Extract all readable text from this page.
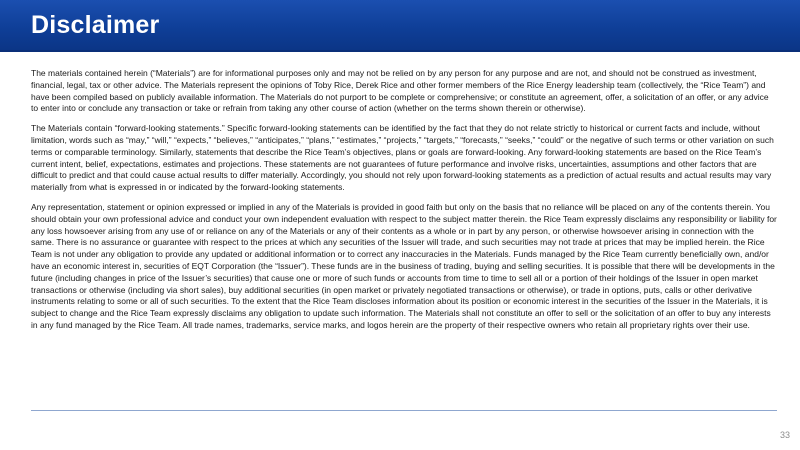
Disclaimer

The materials contained herein (“Materials”) are for informational purposes only and may not be relied on by any person for any purpose and are not, and should not be construed as investment, financial, legal, tax or other advice. The Materials represent the opinions of Toby Rice, Derek Rice and other former members of the Rice Energy leadership team (collectively, the “Rice Team”) and have been compiled based on publicly available information. The Materials do not purport to be complete or comprehensive; or constitute an agreement, offer, a solicitation of an offer, or any advice to enter into or conclude any transaction or take or refrain from taking any other course of action (whether on the terms shown therein or otherwise).

The Materials contain “forward-looking statements.” Specific forward-looking statements can be identified by the fact that they do not relate strictly to historical or current facts and include, without limitation, words such as “may,” “will,” “expects,” “believes,” “anticipates,” “plans,” “estimates,” “projects,” “targets,” “forecasts,” “seeks,” “could” or the negative of such terms or other variation on such terms or comparable terminology. Similarly, statements that describe the Rice Team’s objectives, plans or goals are forward-looking. Any forward-looking statements are based on the Rice Team’s current intent, belief, expectations, estimates and projections. These statements are not guarantees of future performance and involve risks, uncertainties, assumptions and other factors that are difficult to predict and that could cause actual results to differ materially. Accordingly, you should not rely upon forward-looking statements as a prediction of actual results and actual results may vary materially from what is expressed in or indicated by the forward-looking statements.

Any representation, statement or opinion expressed or implied in any of the Materials is provided in good faith but only on the basis that no reliance will be placed on any of the contents therein. You should obtain your own professional advice and conduct your own independent evaluation with respect to the subject matter therein. the Rice Team expressly disclaims any responsibility or liability for any loss howsoever arising from any use of or reliance on any of the Materials or any of their contents as a whole or in part by any person, or otherwise howsoever arising in connection with the same. There is no assurance or guarantee with respect to the prices at which any securities of the Issuer will trade, and such securities may not trade at prices that may be implied herein. the Rice Team is not under any obligation to provide any updated or additional information or to correct any inaccuracies in the Materials. Funds managed by the Rice Team currently beneficially own, and/or have an economic interest in, securities of EQT Corporation (the “Issuer”). These funds are in the business of trading, buying and selling securities. It is possible that there will be developments in the future (including changes in price of the Issuer’s securities) that cause one or more of such funds or accounts from time to time to sell all or a portion of their holdings of the Issuer in open market transactions or otherwise (including via short sales), buy additional securities (in open market or privately negotiated transactions or otherwise), or trade in options, puts, calls or other derivative instruments relating to some or all of such securities. To the extent that the Rice Team discloses information about its position or economic interest in the securities of the Issuer in the Materials, it is subject to change and the Rice Team expressly disclaims any obligation to update such information. The Materials shall not constitute an offer to sell or the solicitation of an offer to buy any interests in any fund managed by the Rice Team. All trade names, trademarks, service marks, and logos herein are the property of their respective owners who retain all proprietary rights over their use.

33
